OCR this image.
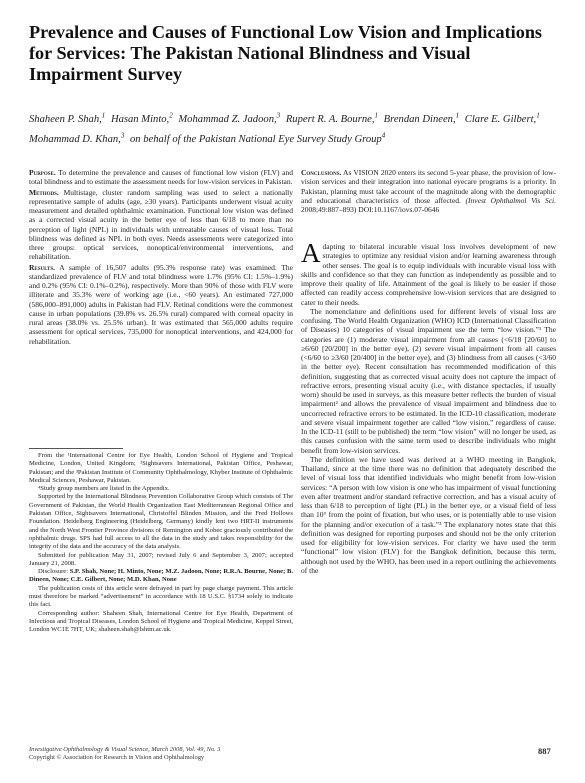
Prevalence and Causes of Functional Low Vision and Implications for Services: The Pakistan National Blindness and Visual Impairment Survey
Shaheen P. Shah,$^1$ Hasan Minto,$^2$ Mohammad Z. Jadoon,$^3$ Rupert R. A. Bourne,$^1$ Brendan Dineen,$^1$ Clare E. Gilbert,$^1$ Mohammad D. Khan,$^3$ on behalf of the Pakistan National Eye Survey Study Group$^4$

Purpose. To determine the prevalence and causes of functional low vision (FLV) and total blindness and to estimate the assessment needs for low-vision services in Pakistan.

Methods. Multistage, cluster random sampling was used to select a nationally representative sample of adults (age, ≥30 years). Participants underwent visual acuity measurement and detailed ophthalmic examination. Functional low vision was defined as a corrected visual acuity in the better eye of less than 6/18 to more than no perception of light (NPL) in individuals with untreatable causes of visual loss. Total blindness was defined as NPL in both eyes. Needs assessments were categorized into three groups: optical services, nonoptical/environmental interventions, and rehabilitation.

Results. A sample of 16,507 adults (95.3% response rate) was examined. The standardized prevalence of FLV and total blindness were 1.7% (95% CI: 1.5%–1.9%) and 0.2% (95% CI: 0.1%–0.2%), respectively. More than 90% of those with FLV were illiterate and 35.3% were of working age (i.e., <60 years). An estimated 727,000 (586,000–891,000) adults in Pakistan had FLV. Retinal conditions were the commonest cause in urban populations (39.8% vs. 26.5% rural) compared with corneal opacity in rural areas (38.0% vs. 25.5% urban). It was estimated that 565,000 adults require assessment for optical services, 735,000 for nonoptical interventions, and 424,000 for rehabilitation.

Conclusions. As VISION 2020 enters its second 5-year phase, the provision of low-vision services and their integration into national eyecare programs is a priority. In Pakistan, planning must take account of the magnitude along with the demographic and educational characteristics of those affected. (Invest Ophthalmol Vis Sci. 2008;49:887–893) DOI:10.1167/iovs.07-0646

Adapting to bilateral incurable visual loss involves development of new strategies to optimize any residual vision and/or learning awareness through other senses. The goal is to equip individuals with incurable visual loss with skills and confidence so that they can function as independently as possible and to improve their quality of life. Attainment of the goal is likely to be easier if those affected can readily access comprehensive low-vision services that are designed to cater to their needs.

The nomenclature and definitions used for different levels of visual loss are confusing. The World Health Organization (WHO) ICD (International Classification of Diseases) 10 categories of visual impairment use the term “low vision.”¹ The categories are (1) moderate visual impairment from all causes (<6/18 [20/60] to ≥6/60 [20/200] in the better eye), (2) severe visual impairment from all causes (<6/60 to ≥3/60 [20/400] in the better eye), and (3) blindness from all causes (<3/60 in the better eye). Recent consultation has recommended modification of this definition, suggesting that as corrected visual acuity does not capture the impact of refractive errors, presenting visual acuity (i.e., with distance spectacles, if usually worn) should be used in surveys, as this measure better reflects the burden of visual impairment² and allows the prevalence of visual impairment and blindness due to uncorrected refractive errors to be estimated. In the ICD-10 classification, moderate and severe visual impairment together are called “low vision,” regardless of cause. In the ICD-11 (still to be published) the term “low vision” will no longer be used, as this causes confusion with the same term used to describe individuals who might benefit from low-vision services.

The definition we have used was derived at a WHO meeting in Bangkok, Thailand, since at the time there was no definition that adequately described the level of visual loss that identified individuals who might benefit from low-vision services: “A person with low vision is one who has impairment of visual functioning even after treatment and/or standard refractive correction, and has a visual acuity of less than 6/18 to perception of light (PL) in the better eye, or a visual field of less than 10° from the point of fixation, but who uses, or is potentially able to use vision for the planning and/or execution of a task.”³ The explanatory notes state that this definition was designed for reporting purposes and should not be the only criterion used for eligibility for low-vision services. For clarity we have used the term “functional” low vision (FLV) for the Bangkok definition, because this term, although not used by the WHO, has been used in a report outlining the achievements of the

From the ¹International Centre for Eye Health, London School of Hygiene and Tropical Medicine, London, United Kingdom; ²Sightsavers International, Pakistan Office, Peshawar, Pakistan; and the ³Pakistan Institute of Community Ophthalmology, Khyber Institute of Ophthalmic Medical Sciences, Peshawar, Pakistan.

⁴Study group members are listed in the Appendix.

Supported by the International Blindness Prevention Collaborative Group which consists of The Government of Pakistan, the World Health Organization East Mediterranean Regional Office and Pakistan Office, Sightsavers International, Christoffel Blinden Mission, and the Fred Hollows Foundation. Heidelberg Engineering (Heidelberg, Germany) kindly lent two HRT-II instruments and the North West Frontier Province divisions of Remington and Kobec graciously contributed the ophthalmic drugs. SPS had full access to all the data in the study and takes responsibility for the integrity of the data and the accuracy of the data analysis.

Submitted for publication May 31, 2007; revised July 6 and September 3, 2007; accepted January 21, 2008.

Disclosure: S.P. Shah, None; H. Minto, None; M.Z. Jadoon, None; R.R.A. Bourne, None; B. Dineen, None; C.E. Gilbert, None; M.D. Khan, None

The publication costs of this article were defrayed in part by page charge payment. This article must therefore be marked “advertisement” in accordance with 18 U.S.C. §1734 solely to indicate this fact.

Corresponding author: Shaheen Shah, International Centre for Eye Health, Department of Infectious and Tropical Diseases, London School of Hygiene and Tropical Medicine, Keppel Street, London WC1E 7HT, UK; shaheen.shah@lshtm.ac.uk.

Investigative Ophthalmology & Visual Science, March 2008, Vol. 49, No. 3
Copyright © Association for Research in Vision and Ophthalmology
887
